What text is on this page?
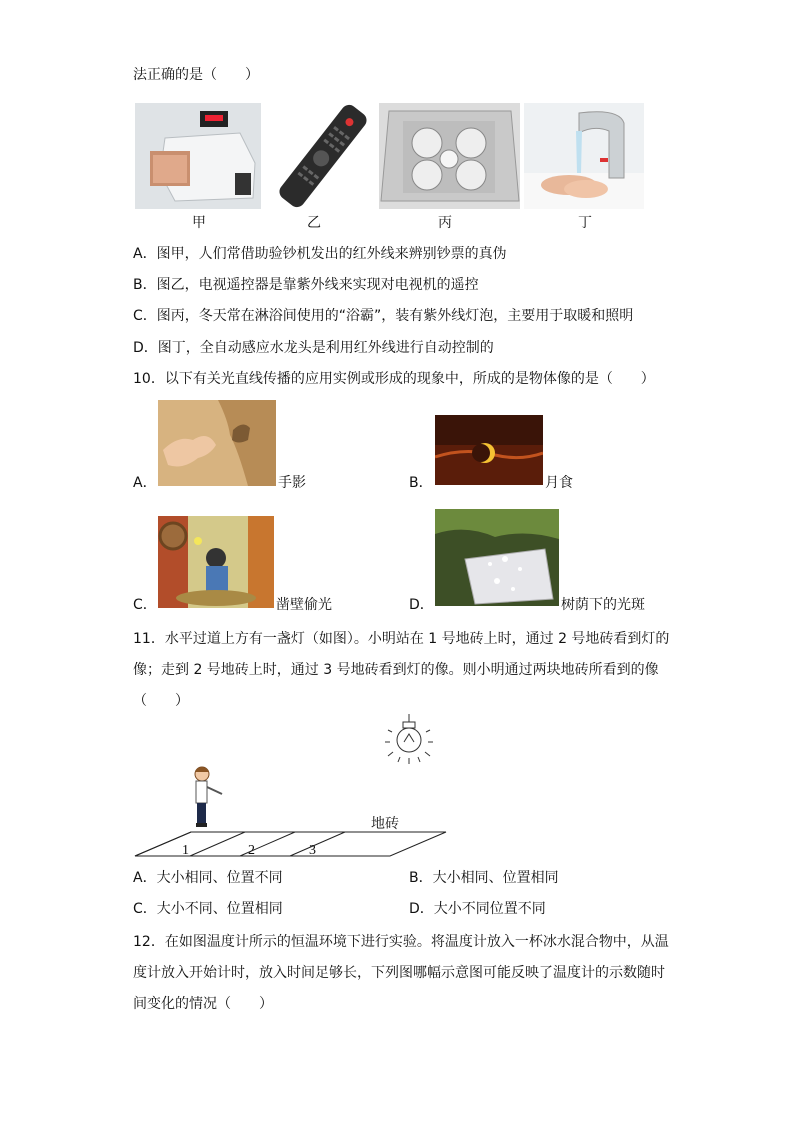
法正确的是（　　）
甲	乙	丙	丁
A．图甲，人们常借助验钞机发出的红外线来辨别钞票的真伪
B．图乙，电视遥控器是靠紫外线来实现对电视机的遥控
C．图丙，冬天常在淋浴间使用的“浴霸”，装有紫外线灯泡，主要用于取暖和照明
D．图丁，全自动感应水龙头是利用红外线进行自动控制的
10．以下有关光直线传播的应用实例或形成的现象中，所成的是物体像的是（　　）
A．	手影	B．	月食
C．	凿壁偷光	D．	树荫下的光斑
11．水平过道上方有一盏灯（如图）。小明站在 1 号地砖上时，通过 2 号地砖看到灯的
像；走到 2 号地砖上时，通过 3 号地砖看到灯的像。则小明通过两块地砖所看到的像
（　　）
地砖
1	2	3
A．大小相同、位置不同	B．大小相同、位置相同
C．大小不同、位置相同	D．大小不同位置不同
12．在如图温度计所示的恒温环境下进行实验。将温度计放入一杯冰水混合物中，从温
度计放入开始计时，放入时间足够长，下列图哪幅示意图可能反映了温度计的示数随时
间变化的情况（　　）
